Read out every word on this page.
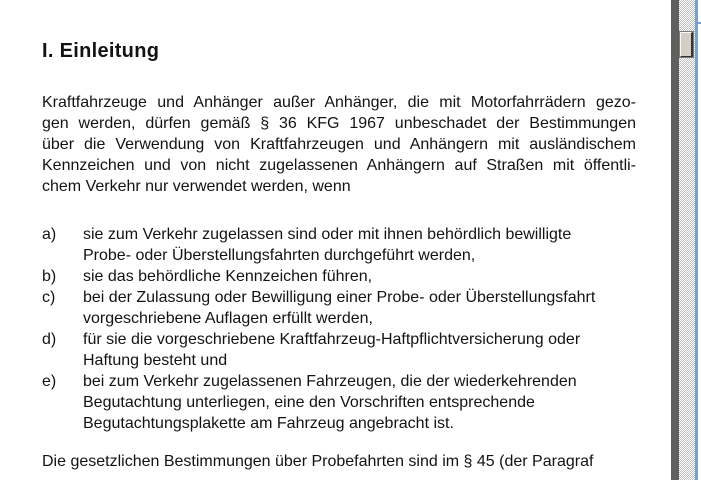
I. Einleitung
Kraftfahrzeuge und Anhänger außer Anhänger, die mit Motorfahrrädern gezo-
gen werden, dürfen gemäß § 36 KFG 1967 unbeschadet der Bestimmungen
über die Verwendung von Kraftfahrzeugen und Anhängern mit ausländischem
Kennzeichen und von nicht zugelassenen Anhängern auf Straßen mit öffentli-
chem Verkehr nur verwendet werden, wenn
a)	sie zum Verkehr zugelassen sind oder mit ihnen behördlich bewilligte
Probe- oder Überstellungsfahrten durchgeführt werden,
b)	sie das behördliche Kennzeichen führen,
c)	bei der Zulassung oder Bewilligung einer Probe- oder Überstellungsfahrt
vorgeschriebene Auflagen erfüllt werden,
d)	für sie die vorgeschriebene Kraftfahrzeug-Haftpflichtversicherung oder
Haftung besteht und
e)	bei zum Verkehr zugelassenen Fahrzeugen, die der wiederkehrenden
Begutachtung unterliegen, eine den Vorschriften entsprechende
Begutachtungsplakette am Fahrzeug angebracht ist.
Die gesetzlichen Bestimmungen über Probefahrten sind im § 45 (der Paragraf
